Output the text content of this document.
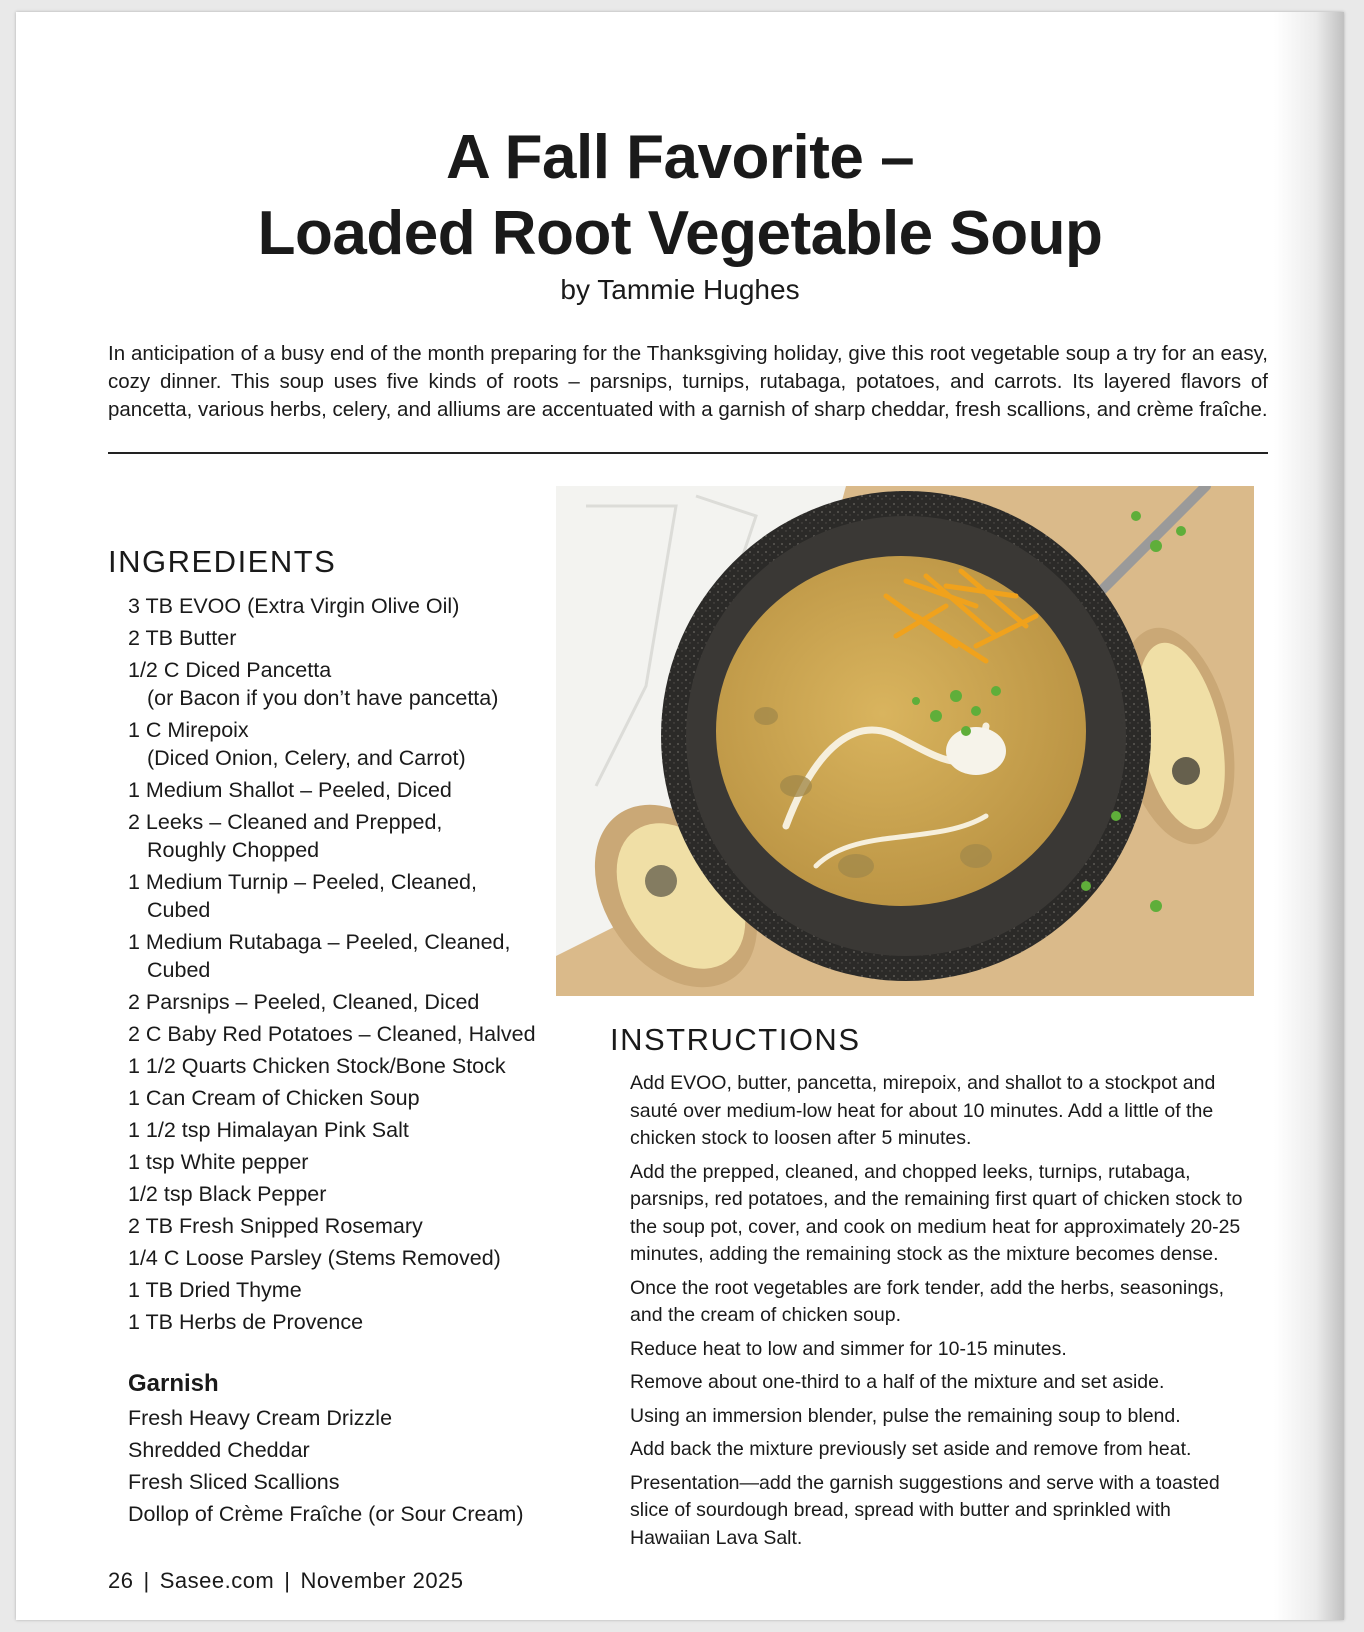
A Fall Favorite –
Loaded Root Vegetable Soup

by Tammie Hughes

In anticipation of a busy end of the month preparing for the Thanksgiving holiday, give this root vegetable soup a try for an easy, cozy dinner. This soup uses five kinds of roots – parsnips, turnips, rutabaga, potatoes, and carrots. Its layered flavors of pancetta, various herbs, celery, and alliums are accentuated with a garnish of sharp cheddar, fresh scallions, and crème fraîche.

INGREDIENTS
3 TB EVOO (Extra Virgin Olive Oil)
2 TB Butter
1/2 C Diced Pancetta
(or Bacon if you don’t have pancetta)
1 C Mirepoix
(Diced Onion, Celery, and Carrot)
1 Medium Shallot – Peeled, Diced
2 Leeks – Cleaned and Prepped,
Roughly Chopped
1 Medium Turnip – Peeled, Cleaned,
Cubed
1 Medium Rutabaga – Peeled, Cleaned,
Cubed
2 Parsnips – Peeled, Cleaned, Diced
2 C Baby Red Potatoes – Cleaned, Halved
1 1/2 Quarts Chicken Stock/Bone Stock
1 Can Cream of Chicken Soup
1 1/2 tsp Himalayan Pink Salt
1 tsp White pepper
1/2 tsp Black Pepper
2 TB Fresh Snipped Rosemary
1/4 C Loose Parsley (Stems Removed)
1 TB Dried Thyme
1 TB Herbs de Provence
Garnish
Fresh Heavy Cream Drizzle
Shredded Cheddar
Fresh Sliced Scallions
Dollop of Crème Fraîche (or Sour Cream)
INSTRUCTIONS
Add EVOO, butter, pancetta, mirepoix, and shallot to a stockpot and sauté over medium-low heat for about 10 minutes. Add a little of the chicken stock to loosen after 5 minutes.
Add the prepped, cleaned, and chopped leeks, turnips, rutabaga, parsnips, red potatoes, and the remaining first quart of chicken stock to the soup pot, cover, and cook on medium heat for approximately 20-25 minutes, adding the remaining stock as the mixture becomes dense.
Once the root vegetables are fork tender, add the herbs, seasonings, and the cream of chicken soup.
Reduce heat to low and simmer for 10-15 minutes.
Remove about one-third to a half of the mixture and set aside.
Using an immersion blender, pulse the remaining soup to blend.
Add back the mixture previously set aside and remove from heat.
Presentation—add the garnish suggestions and serve with a toasted slice of sourdough bread, spread with butter and sprinkled with Hawaiian Lava Salt.
26 | Sasee.com | November 2025
